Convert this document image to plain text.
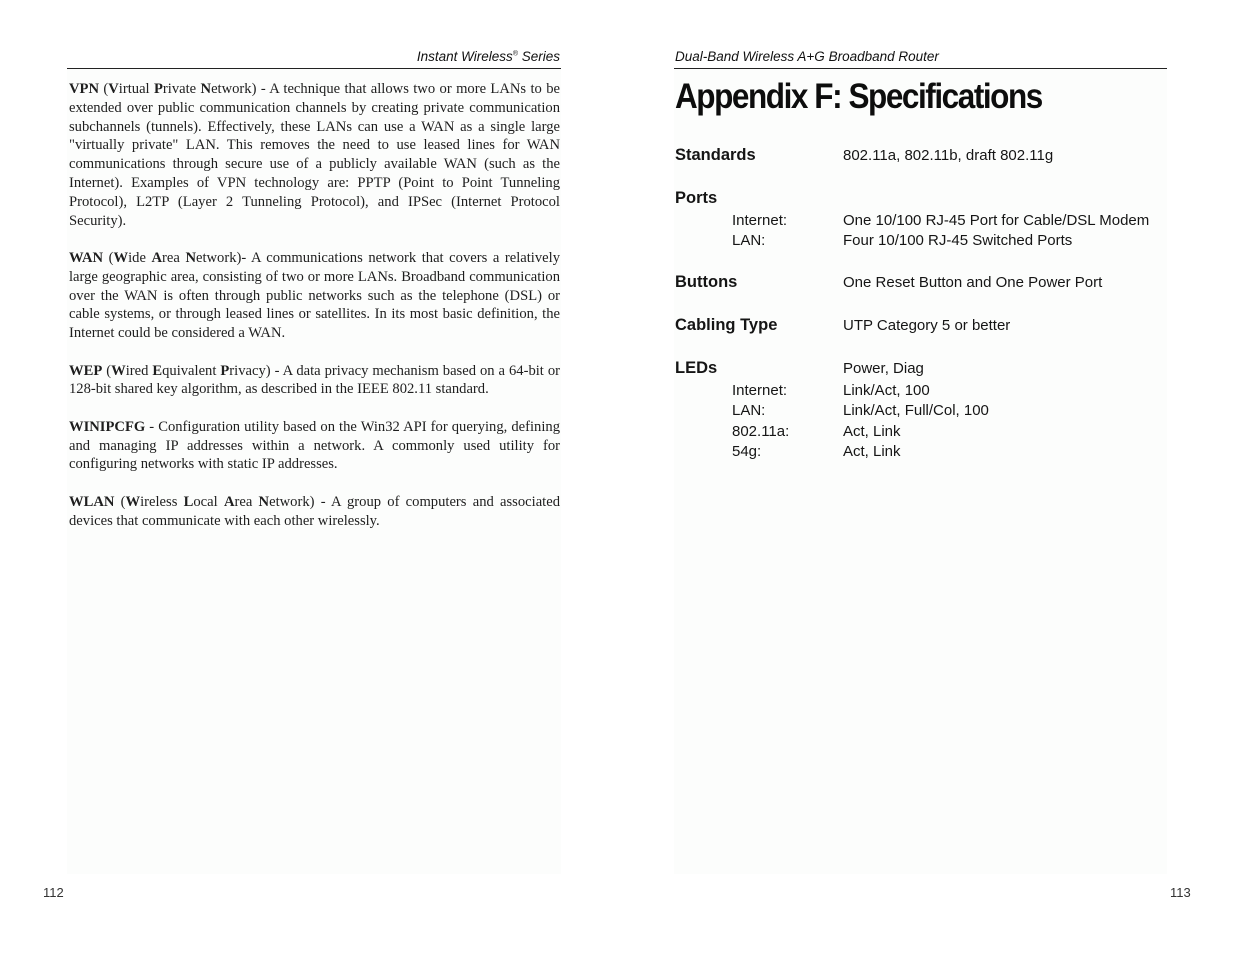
Instant Wireless® Series

VPN (Virtual Private Network) - A technique that allows two or more LANs to be extended over public communication channels by creating private communication subchannels (tunnels). Effectively, these LANs can use a WAN as a single large "virtually private" LAN. This removes the need to use leased lines for WAN communications through secure use of a publicly available WAN (such as the Internet). Examples of VPN technology are: PPTP (Point to Point Tunneling Protocol), L2TP (Layer 2 Tunneling Protocol), and IPSec (Internet Protocol Security).

WAN (Wide Area Network)- A communications network that covers a relatively large geographic area, consisting of two or more LANs. Broadband communication over the WAN is often through public networks such as the telephone (DSL) or cable systems, or through leased lines or satellites. In its most basic definition, the Internet could be considered a WAN.

WEP (Wired Equivalent Privacy) - A data privacy mechanism based on a 64-bit or 128-bit shared key algorithm, as described in the IEEE 802.11 standard.

WINIPCFG - Configuration utility based on the Win32 API for querying, defining and managing IP addresses within a network. A commonly used utility for configuring networks with static IP addresses.

WLAN (Wireless Local Area Network) - A group of computers and associated devices that communicate with each other wirelessly.

112
Dual-Band Wireless A+G Broadband Router
Appendix F: Specifications
Standards	802.11a, 802.11b, draft 802.11g
Ports
Internet:	One 10/100 RJ-45 Port for Cable/DSL Modem
LAN:	Four 10/100 RJ-45 Switched Ports
Buttons	One Reset Button and One Power Port
Cabling Type	UTP Category 5 or better
LEDs	Power, Diag
Internet:	Link/Act, 100
LAN:	Link/Act, Full/Col, 100
802.11a:	Act, Link
54g:	Act, Link
113
